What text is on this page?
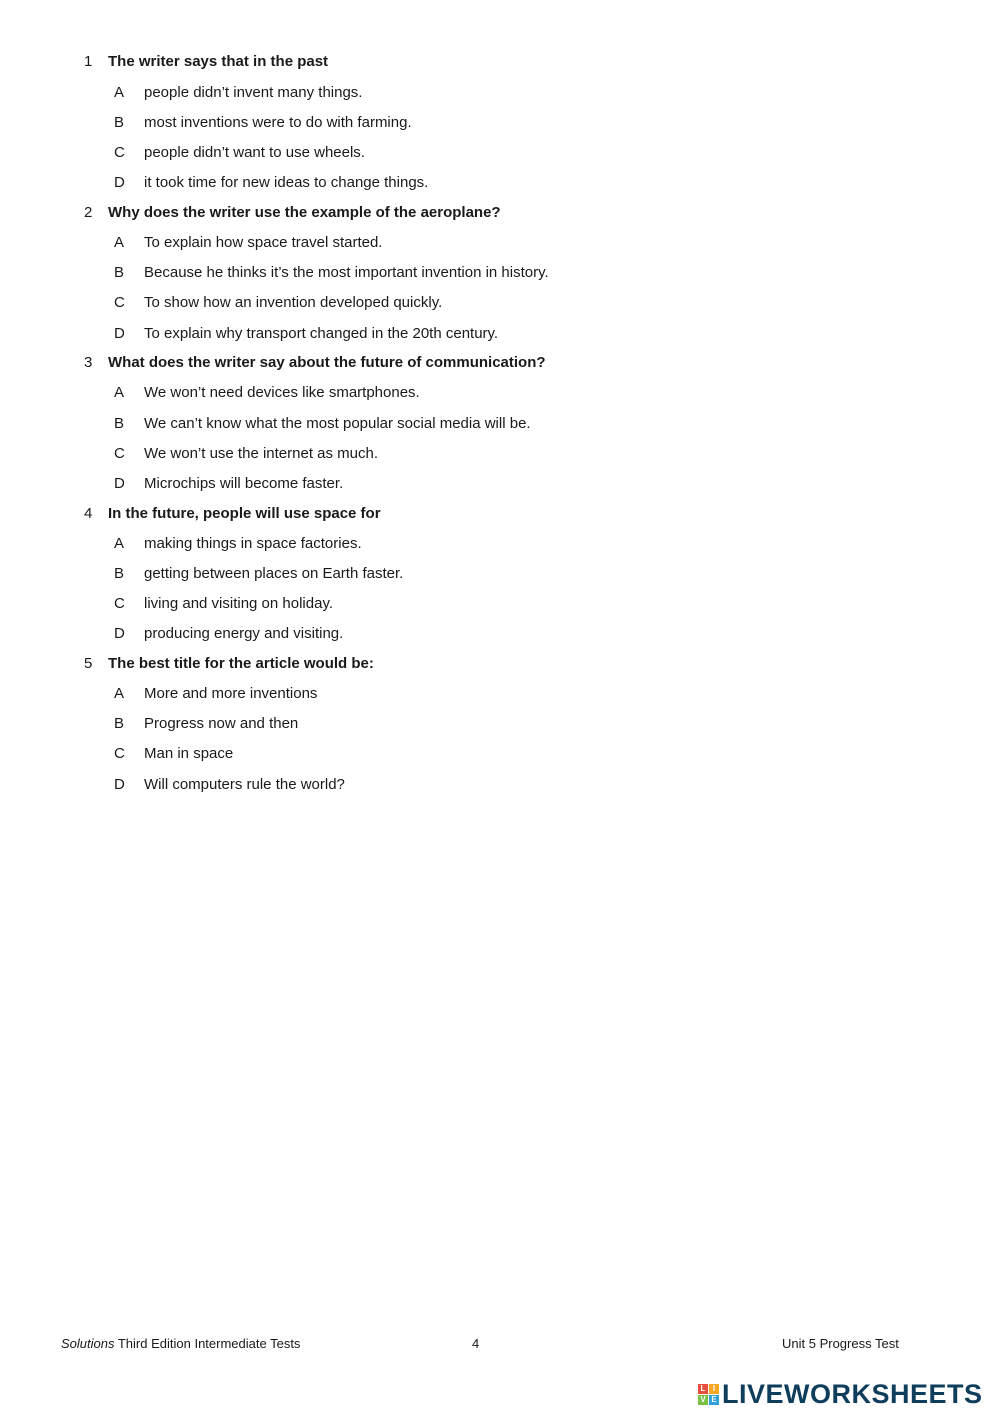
1	The writer says that in the past
A	people didn’t invent many things.
B	most inventions were to do with farming.
C	people didn’t want to use wheels.
D	it took time for new ideas to change things.
2	Why does the writer use the example of the aeroplane?
A	To explain how space travel started.
B	Because he thinks it’s the most important invention in history.
C	To show how an invention developed quickly.
D	To explain why transport changed in the 20th century.
3	What does the writer say about the future of communication?
A	We won’t need devices like smartphones.
B	We can’t know what the most popular social media will be.
C	We won’t use the internet as much.
D	Microchips will become faster.
4	In the future, people will use space for
A	making things in space factories.
B	getting between places on Earth faster.
C	living and visiting on holiday.
D	producing energy and visiting.
5	The best title for the article would be:
A	More and more inventions
B	Progress now and then
C	Man in space
D	Will computers rule the world?
Solutions Third Edition Intermediate Tests	4	Unit 5 Progress Test
L I
V E LIVEWORKSHEETS
